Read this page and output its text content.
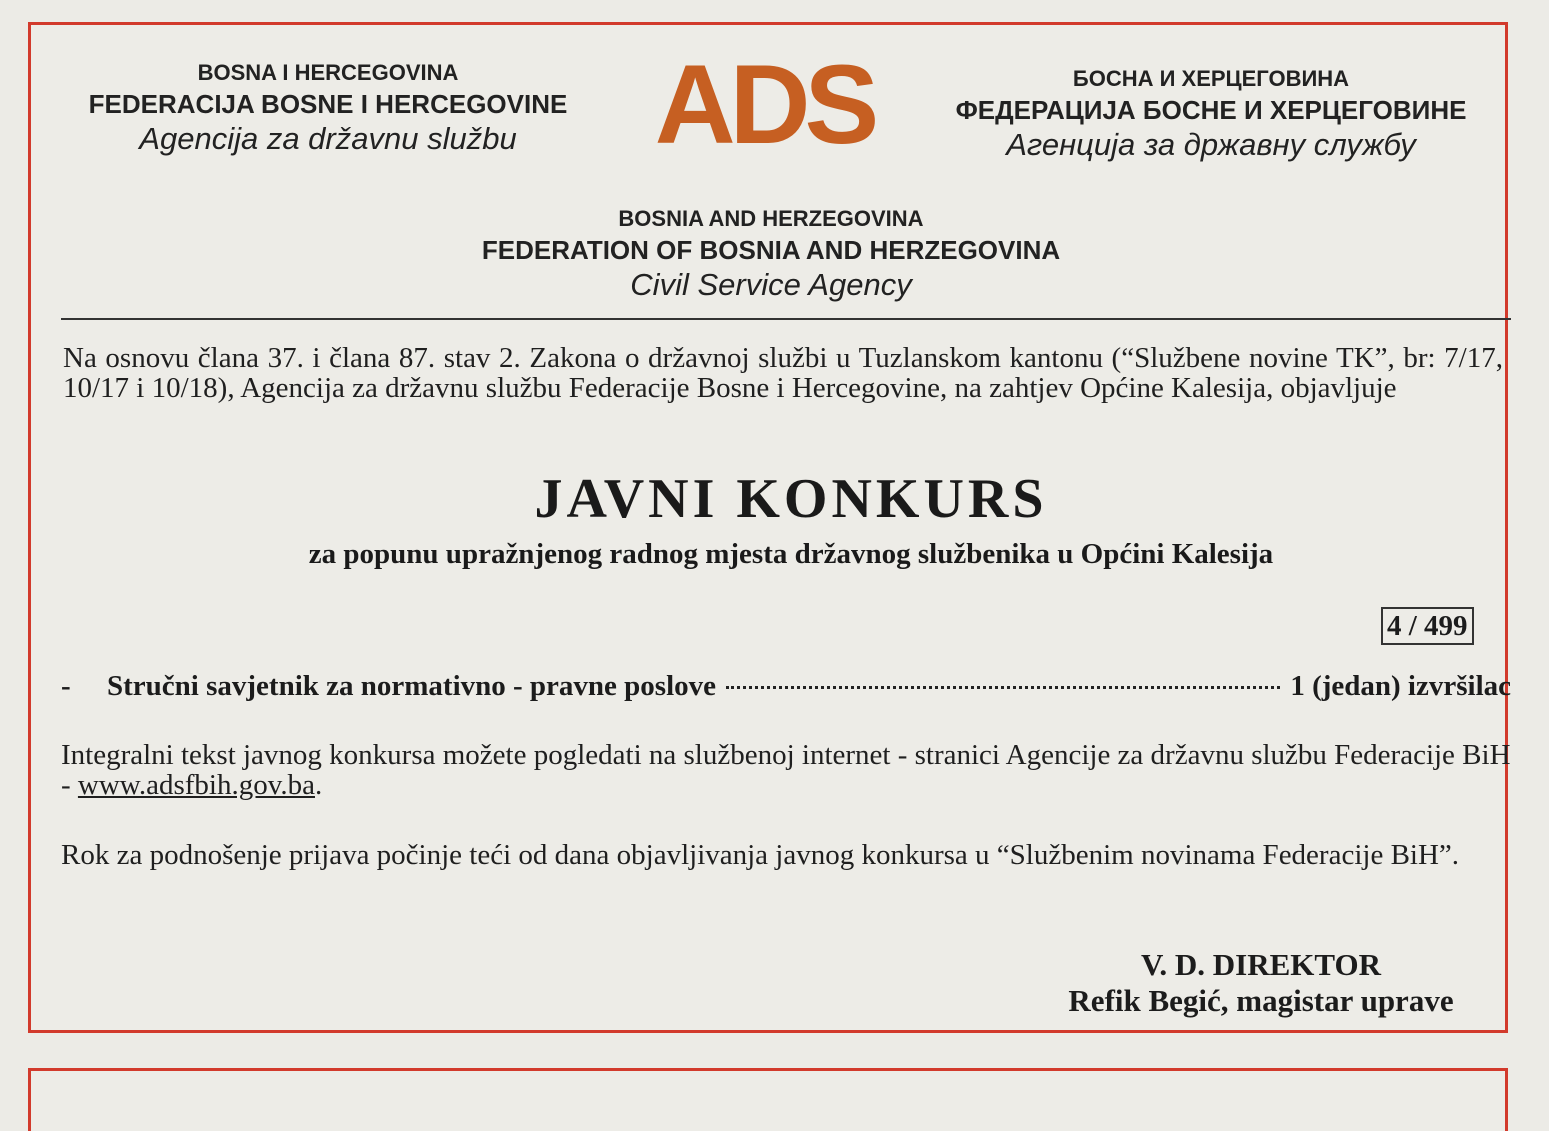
BOSNA I HERCEGOVINA
FEDERACIJA BOSNE I HERCEGOVINE
Agencija za državnu službu	ADS	БОСНА И ХЕРЦЕГОВИНА
ФЕДЕРАЦИЈА БОСНЕ И ХЕРЦЕГОВИНЕ
Агенција за државну службу
BOSNIA AND HERZEGOVINA
FEDERATION OF BOSNIA AND HERZEGOVINA
Civil Service Agency
Na osnovu člana 37. i člana 87. stav 2. Zakona o državnoj službi u Tuzlanskom kantonu (“Službene novine TK”, br: 7/17, 10/17 i 10/18), Agencija za državnu službu Federacije Bosne i Hercegovine, na zahtjev Općine Kalesija, objavljuje
JAVNI KONKURS
za popunu upražnjenog radnog mjesta državnog službenika u Općini Kalesija
4 / 499
-	Stručni savjetnik za normativno - pravne poslove	1 (jedan) izvršilac
Integralni tekst javnog konkursa možete pogledati na službenoj internet - stranici Agencije za državnu službu Federacije BiH - www.adsfbih.gov.ba.
Rok za podnošenje prijava počinje teći od dana objavljivanja javnog konkursa u “Službenim novinama Federacije BiH”.
V. D. DIREKTOR
Refik Begić, magistar uprave
